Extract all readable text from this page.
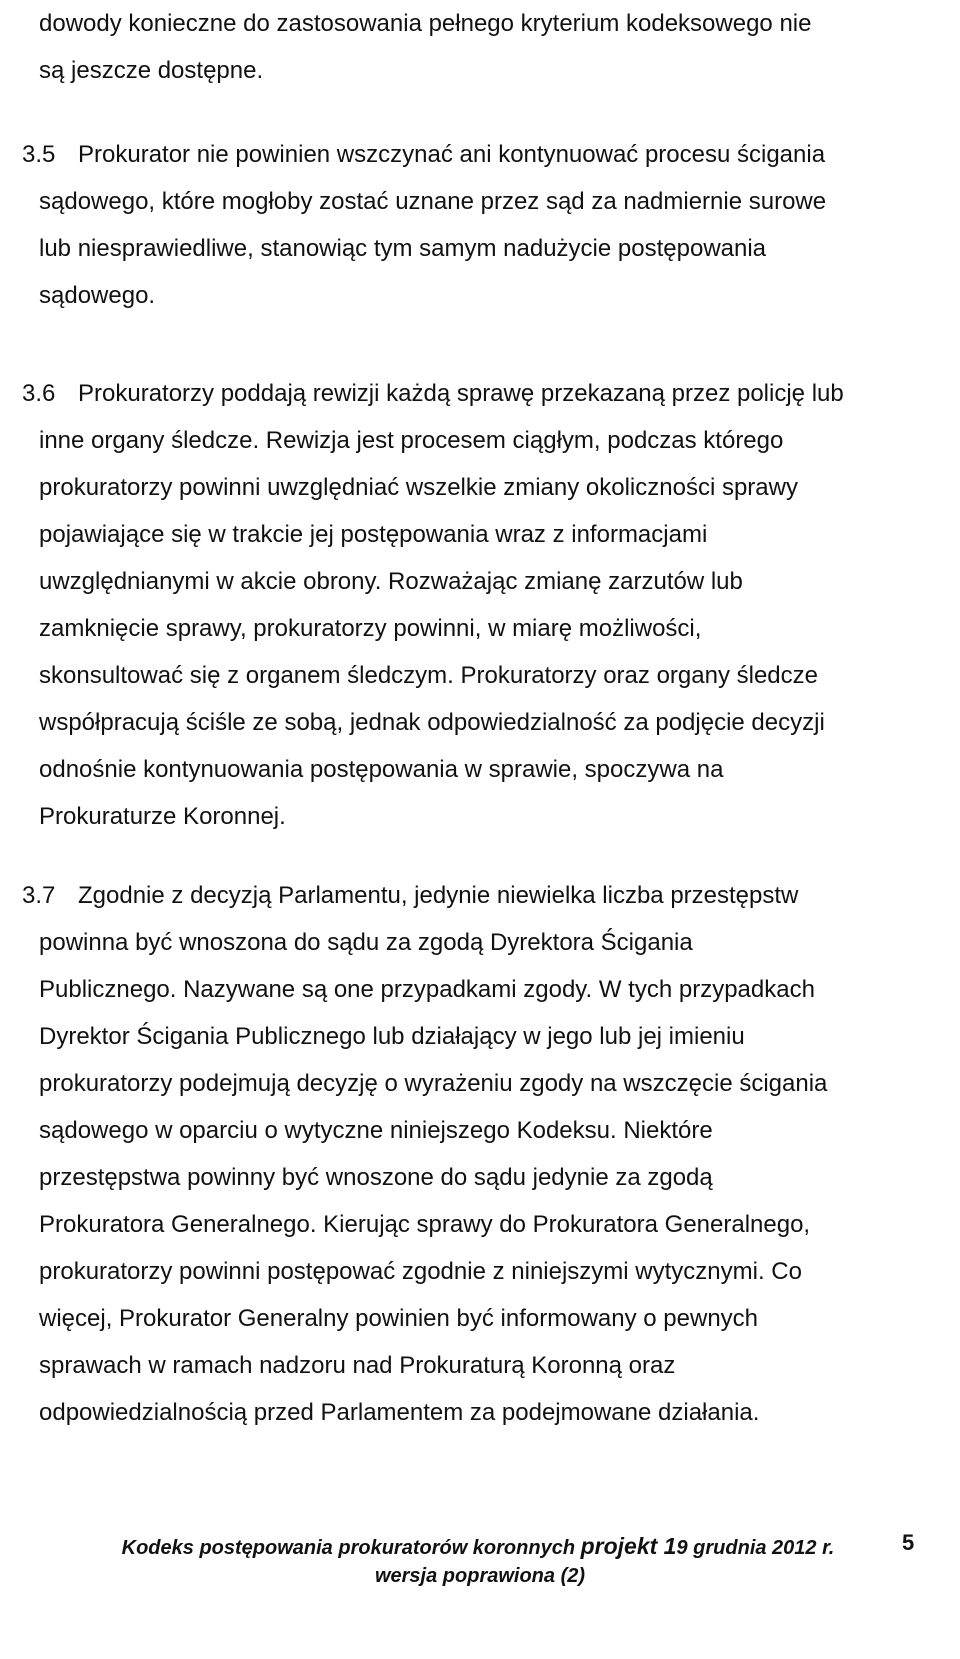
dowody konieczne do zastosowania pełnego kryterium kodeksowego nie
są jeszcze dostępne.
3.5 Prokurator nie powinien wszczynać ani kontynuować procesu ścigania
sądowego, które mogłoby zostać uznane przez sąd za nadmiernie surowe
lub niesprawiedliwe, stanowiąc tym samym nadużycie postępowania
sądowego.
3.6 Prokuratorzy poddają rewizji każdą sprawę przekazaną przez policję lub
inne organy śledcze. Rewizja jest procesem ciągłym, podczas którego
prokuratorzy powinni uwzględniać wszelkie zmiany okoliczności sprawy
pojawiające się w trakcie jej postępowania wraz z informacjami
uwzględnianymi w akcie obrony. Rozważając zmianę zarzutów lub
zamknięcie sprawy, prokuratorzy powinni, w miarę możliwości,
skonsultować się z organem śledczym. Prokuratorzy oraz organy śledcze
współpracują ściśle ze sobą, jednak odpowiedzialność za podjęcie decyzji
odnośnie kontynuowania postępowania w sprawie, spoczywa na
Prokuraturze Koronnej.
3.7 Zgodnie z decyzją Parlamentu, jedynie niewielka liczba przestępstw
powinna być wnoszona do sądu za zgodą Dyrektora Ścigania
Publicznego. Nazywane są one przypadkami zgody. W tych przypadkach
Dyrektor Ścigania Publicznego lub działający w jego lub jej imieniu
prokuratorzy podejmują decyzję o wyrażeniu zgody na wszczęcie ścigania
sądowego w oparciu o wytyczne niniejszego Kodeksu. Niektóre
przestępstwa powinny być wnoszone do sądu jedynie za zgodą
Prokuratora Generalnego. Kierując sprawy do Prokuratora Generalnego,
prokuratorzy powinni postępować zgodnie z niniejszymi wytycznymi. Co
więcej, Prokurator Generalny powinien być informowany o pewnych
sprawach w ramach nadzoru nad Prokuraturą Koronną oraz
odpowiedzialnością przed Parlamentem za podejmowane działania.
5
Kodeks postępowania prokuratorów koronnych projekt 19 grudnia 2012 r.
wersja poprawiona (2)
